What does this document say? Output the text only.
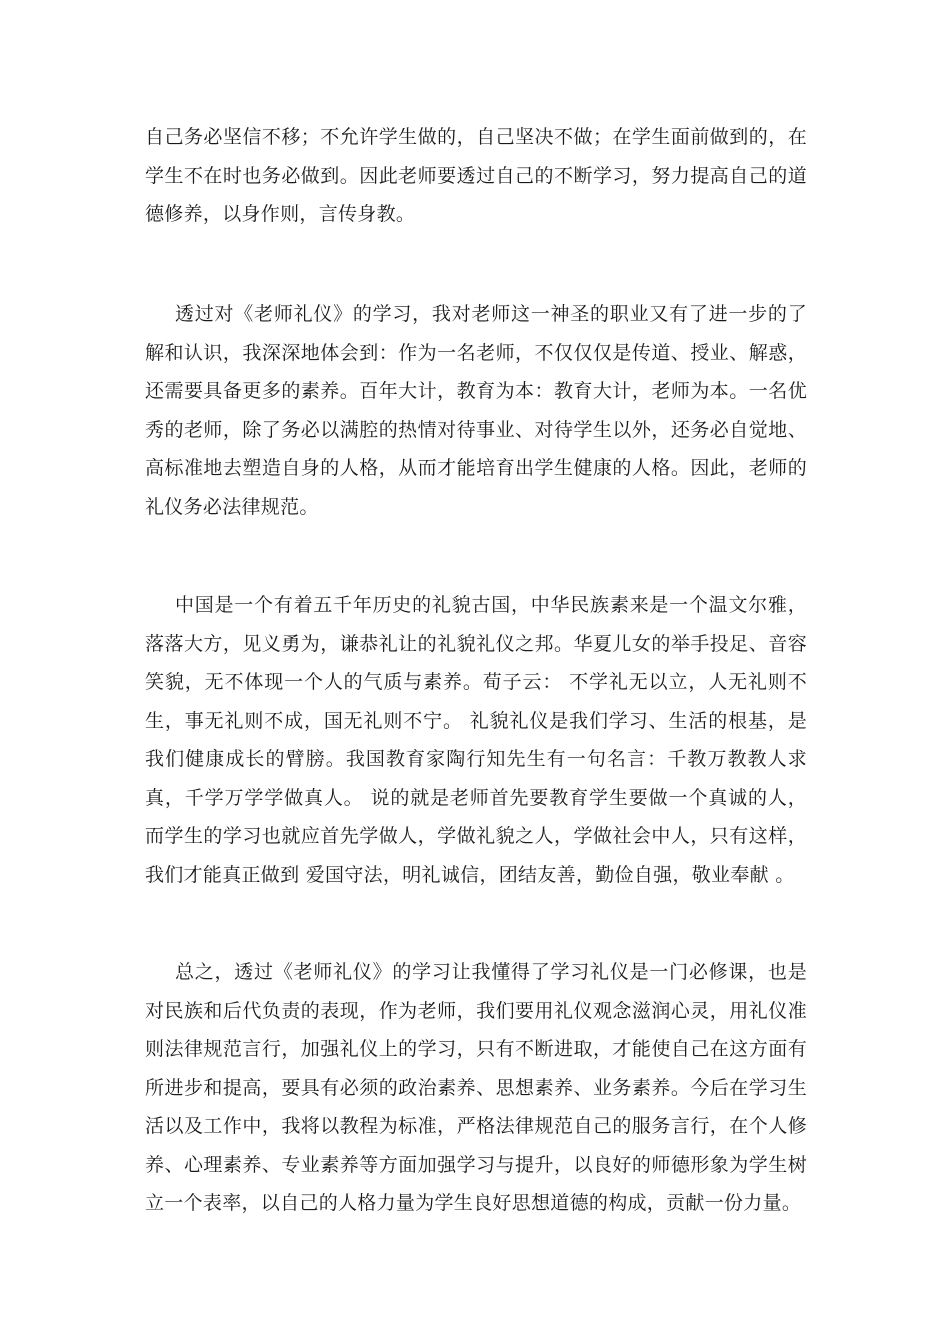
自己务必坚信不移；不允许学生做的，自己坚决不做；在学生面前做到的，在学生不在时也务必做到。因此老师要透过自己的不断学习，努力提高自己的道德修养，以身作则，言传身教。

透过对《老师礼仪》的学习，我对老师这一神圣的职业又有了进一步的了解和认识，我深深地体会到：作为一名老师，不仅仅仅是传道、授业、解惑，还需要具备更多的素养。百年大计，教育为本：教育大计，老师为本。一名优秀的老师，除了务必以满腔的热情对待事业、对待学生以外，还务必自觉地、高标准地去塑造自身的人格，从而才能培育出学生健康的人格。因此，老师的礼仪务必法律规范。

中国是一个有着五千年历史的礼貌古国，中华民族素来是一个温文尔雅，落落大方，见义勇为，谦恭礼让的礼貌礼仪之邦。华夏儿女的举手投足、音容笑貌，无不体现一个人的气质与素养。荀子云： 不学礼无以立，人无礼则不生，事无礼则不成，国无礼则不宁。 礼貌礼仪是我们学习、生活的根基，是我们健康成长的臂膀。我国教育家陶行知先生有一句名言：千教万教教人求真，千学万学学做真人。 说的就是老师首先要教育学生要做一个真诚的人，而学生的学习也就应首先学做人，学做礼貌之人，学做社会中人，只有这样，我们才能真正做到 爱国守法，明礼诚信，团结友善，勤俭自强，敬业奉献 。

总之，透过《老师礼仪》的学习让我懂得了学习礼仪是一门必修课，也是对民族和后代负责的表现，作为老师，我们要用礼仪观念滋润心灵，用礼仪准则法律规范言行，加强礼仪上的学习，只有不断进取，才能使自己在这方面有所进步和提高，要具有必须的政治素养、思想素养、业务素养。今后在学习生活以及工作中，我将以教程为标准，严格法律规范自己的服务言行，在个人修养、心理素养、专业素养等方面加强学习与提升，以良好的师德形象为学生树立一个表率，以自己的人格力量为学生良好思想道德的构成，贡献一份力量。
